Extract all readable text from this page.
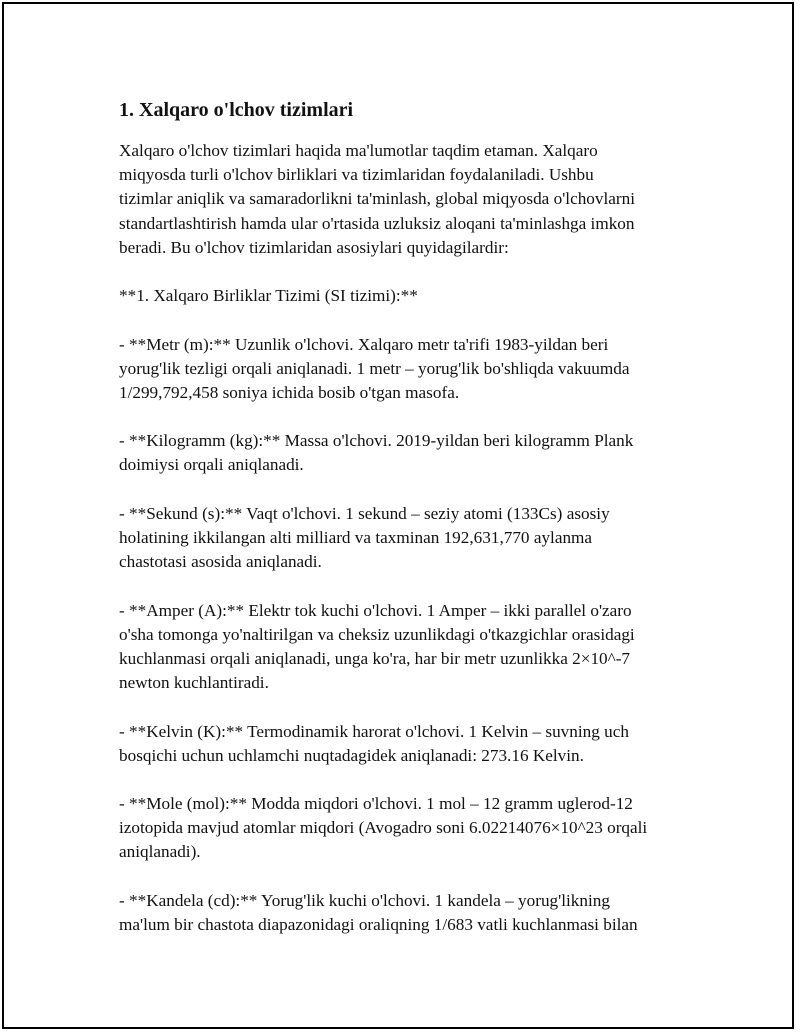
1. Xalqaro o'lchov tizimlari
Xalqaro o'lchov tizimlari haqida ma'lumotlar taqdim etaman. Xalqaro
miqyosda turli o'lchov birliklari va tizimlaridan foydalaniladi. Ushbu
tizimlar aniqlik va samaradorlikni ta'minlash, global miqyosda o'lchovlarni
standartlashtirish hamda ular o'rtasida uzluksiz aloqani ta'minlashga imkon
beradi. Bu o'lchov tizimlaridan asosiylari quyidagilardir:
**1. Xalqaro Birliklar Tizimi (SI tizimi):**
- **Metr (m):** Uzunlik o'lchovi. Xalqaro metr ta'rifi 1983-yildan beri
yorug'lik tezligi orqali aniqlanadi. 1 metr – yorug'lik bo'shliqda vakuumda
1/299,792,458 soniya ichida bosib o'tgan masofa.
- **Kilogramm (kg):** Massa o'lchovi. 2019-yildan beri kilogramm Plank
doimiysi orqali aniqlanadi.
- **Sekund (s):** Vaqt o'lchovi. 1 sekund – seziy atomi (133Cs) asosiy
holatining ikkilangan alti milliard va taxminan 192,631,770 aylanma
chastotasi asosida aniqlanadi.
- **Amper (A):** Elektr tok kuchi o'lchovi. 1 Amper – ikki parallel o'zaro
o'sha tomonga yo'naltirilgan va cheksiz uzunlikdagi o'tkazgichlar orasidagi
kuchlanmasi orqali aniqlanadi, unga ko'ra, har bir metr uzunlikka 2×10^-7
newton kuchlantiradi.
- **Kelvin (K):** Termodinamik harorat o'lchovi. 1 Kelvin – suvning uch
bosqichi uchun uchlamchi nuqtadagidek aniqlanadi: 273.16 Kelvin.
- **Mole (mol):** Modda miqdori o'lchovi. 1 mol – 12 gramm uglerod-12
izotopida mavjud atomlar miqdori (Avogadro soni 6.02214076×10^23 orqali
aniqlanadi).
- **Kandela (cd):** Yorug'lik kuchi o'lchovi. 1 kandela – yorug'likning
ma'lum bir chastota diapazonidagi oraliqning 1/683 vatli kuchlanmasi bilan
